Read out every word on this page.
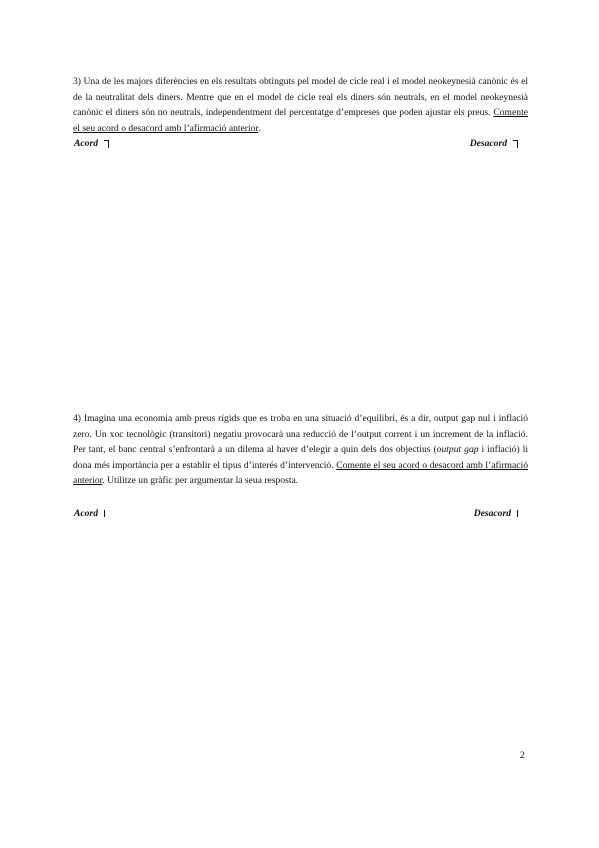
3) Una de les majors diferències en els resultats obtinguts pel model de cicle real i el model neokeynesià canònic és el de la neutralitat dels diners. Mentre que en el model de cicle real els diners són neutrals, en el model neokeynesià canònic el diners són no neutrals, independentment del percentatge d’empreses que poden ajustar els preus. Comente el seu acord o desacord amb l’afirmació anterior.
Acord	Desacord
4) Imagina una economia amb preus rígids que es troba en una situació d’equilibri, és a dir, output gap nul i inflació zero. Un xoc tecnològic (transitori) negatiu provocarà una reducció de l’output corrent i un increment de la inflació. Per tant, el banc central s’enfrontarà a un dilema al haver d’elegir a quin dels dos objectius (output gap i inflació) li dona més importància per a establir el tipus d’interés d’intervenció. Comente el seu acord o desacord amb l’afirmació anterior. Utilitze un gràfic per argumentar la seua resposta.
Acord	Desacord
2
